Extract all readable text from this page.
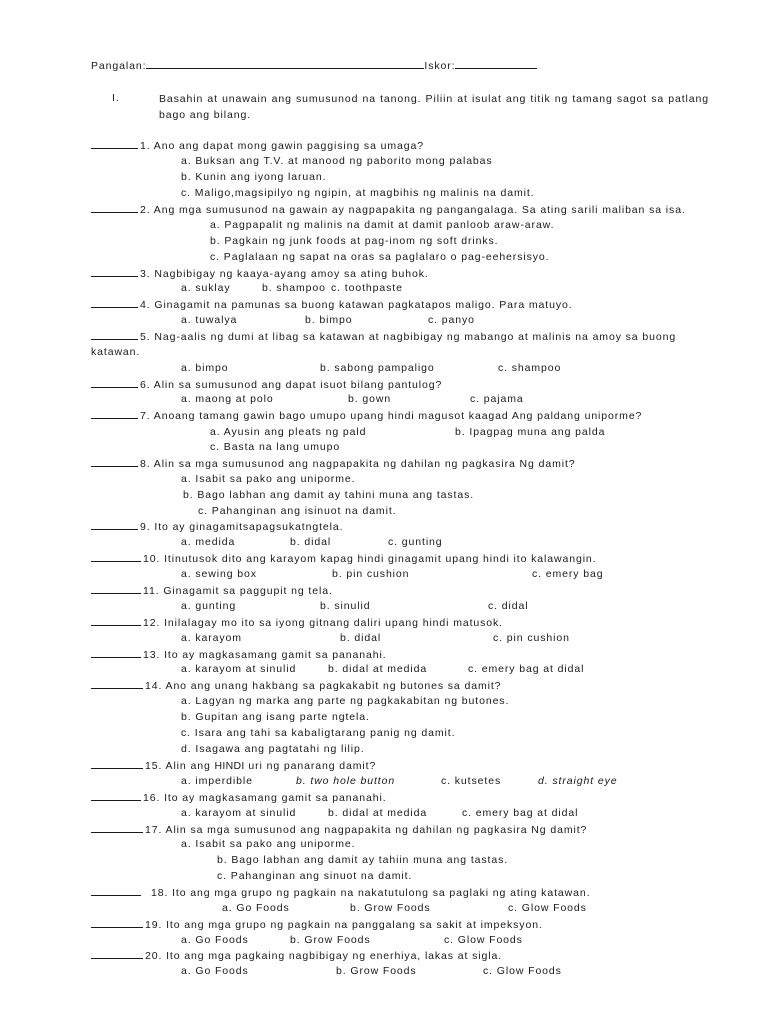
Pangalan:	Iskor:
I.	Basahin at unawain ang sumusunod na tanong. Piliin at isulat ang titik ng tamang sagot sa patlang bago ang bilang.
1. Ano ang dapat mong gawin paggising sa umaga?
a. Buksan ang T.V. at manood ng paborito mong palabas
b. Kunin ang iyong laruan.
c. Maligo,magsipilyo ng ngipin, at magbihis ng malinis na damit.
2. Ang mga sumusunod na gawain ay nagpapakita ng pangangalaga. Sa ating sarili maliban sa isa.
a. Pagpapalit ng malinis na damit at damit panloob araw-araw.
b. Pagkain ng junk foods at pag-inom ng soft drinks.
c. Paglalaan ng sapat na oras sa paglalaro o pag-eehersisyo.
3. Nagbibigay ng kaaya-ayang amoy sa ating buhok.
a. suklay	b. shampoo c. toothpaste
4. Ginagamit na pamunas sa buong katawan pagkatapos maligo. Para matuyo.
a. tuwalya	b. bimpo	c. panyo
5. Nag-aalis ng dumi at libag sa katawan at nagbibigay ng mabango at malinis na amoy sa buong
katawan.
a. bimpo	b. sabong pampaligo	c. shampoo
6. Alin sa sumusunod ang dapat isuot bilang pantulog?
a. maong at polo	b. gown	c. pajama
7. Anoang tamang gawin bago umupo upang hindi magusot kaagad Ang paldang uniporme?
a. Ayusin ang pleats ng pald	b. Ipagpag muna ang palda
c. Basta na lang umupo
8. Alin sa mga sumusunod ang nagpapakita ng dahilan ng pagkasira Ng damit?
a. Isabit sa pako ang uniporme.
b. Bago labhan ang damit ay tahini muna ang tastas.
c. Pahanginan ang isinuot na damit.
9. Ito ay ginagamitsapagsukatngtela.
a. medida	b. didal	c. gunting
10. Itinutusok dito ang karayom kapag hindi ginagamit upang hindi ito kalawangin.
a. sewing box	b. pin cushion	c. emery bag
11. Ginagamit sa paggupit ng tela.
a. gunting	b. sinulid	c. didal
12. Inilalagay mo ito sa iyong gitnang daliri upang hindi matusok.
a. karayom	b. didal	c. pin cushion
13. Ito ay magkasamang gamit sa pananahi.
a. karayom at sinulid	b. didal at medida	c. emery bag at didal
14. Ano ang unang hakbang sa pagkakabit ng butones sa damit?
a. Lagyan ng marka ang parte ng pagkakabitan ng butones.
b. Gupitan ang isang parte ngtela.
c. Isara ang tahi sa kabaligtarang panig ng damit.
d. Isagawa ang pagtatahi ng lilip.
15. Alin ang HINDI uri ng panarang damit?
a. imperdible	b. two hole button	c. kutsetes	d. straight eye
16. Ito ay magkasamang gamit sa pananahi.
a. karayom at sinulid	b. didal at medida	c. emery bag at didal
17. Alin sa mga sumusunod ang nagpapakita ng dahilan ng pagkasira Ng damit?
a. Isabit sa pako ang uniporme.
b. Bago labhan ang damit ay tahiin muna ang tastas.
c. Pahanginan ang sinuot na damit.
18. Ito ang mga grupo ng pagkain na nakatutulong sa paglaki ng ating katawan.
a. Go Foods	b. Grow Foods	c. Glow Foods
19. Ito ang mga grupo ng pagkain na panggalang sa sakit at impeksyon.
a. Go Foods	b. Grow Foods	c. Glow Foods
20. Ito ang mga pagkaing nagbibigay ng enerhiya, lakas at sigla.
a. Go Foods	b. Grow Foods	c. Glow Foods
